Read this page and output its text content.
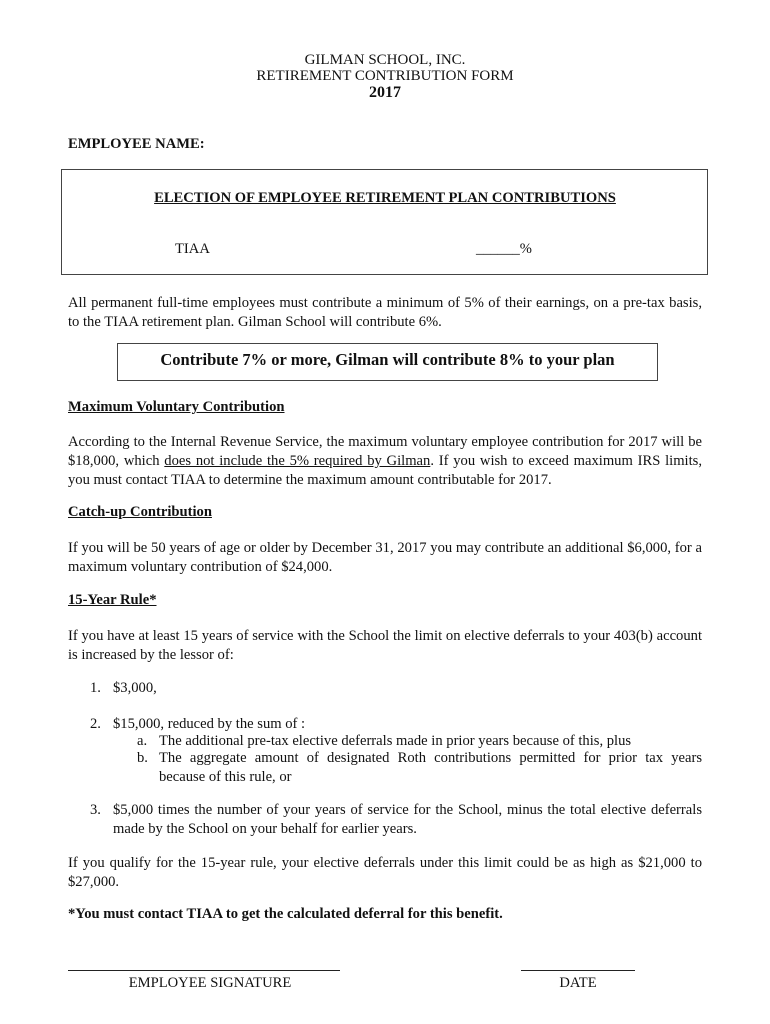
GILMAN SCHOOL, INC.
RETIREMENT CONTRIBUTION FORM
2017
EMPLOYEE NAME:
ELECTION OF EMPLOYEE RETIREMENT PLAN CONTRIBUTIONS
TIAA	______%
All permanent full-time employees must contribute a minimum of 5% of their earnings, on a pre-tax basis, to the TIAA retirement plan. Gilman School will contribute 6%.
Contribute 7% or more, Gilman will contribute 8% to your plan
Maximum Voluntary Contribution
According to the Internal Revenue Service, the maximum voluntary employee contribution for 2017 will be $18,000, which does not include the 5% required by Gilman. If you wish to exceed maximum IRS limits, you must contact TIAA to determine the maximum amount contributable for 2017.
Catch-up Contribution
If you will be 50 years of age or older by December 31, 2017 you may contribute an additional $6,000, for a maximum voluntary contribution of $24,000.
15-Year Rule*
If you have at least 15 years of service with the School the limit on elective deferrals to your 403(b) account is increased by the lessor of:
1. $3,000,
2. $15,000, reduced by the sum of :
a. The additional pre-tax elective deferrals made in prior years because of this, plus
b. The aggregate amount of designated Roth contributions permitted for prior tax years because of this rule, or
3. $5,000 times the number of your years of service for the School, minus the total elective deferrals made by the School on your behalf for earlier years.
If you qualify for the 15-year rule, your elective deferrals under this limit could be as high as $21,000 to $27,000.
*You must contact TIAA to get the calculated deferral for this benefit.
EMPLOYEE SIGNATURE	DATE
